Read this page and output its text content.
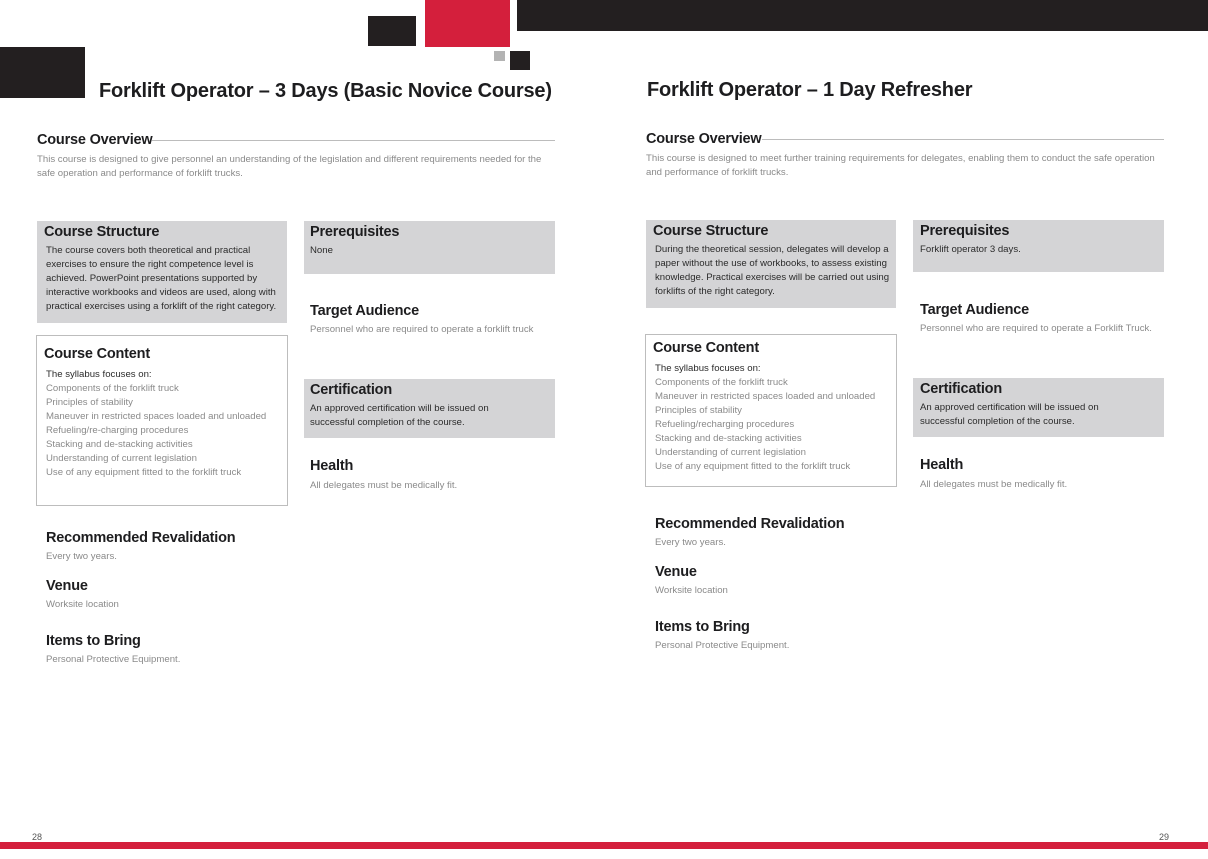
Forklift Operator – 3 Days (Basic Novice Course)
Course Overview
This course is designed to give personnel an understanding of the legislation and different requirements needed for the safe operation and performance of forklift trucks.
Course Structure
The course covers both theoretical and practical exercises to ensure the right competence level is achieved. PowerPoint presentations supported by interactive workbooks and videos are used, along with practical exercises using a forklift of the right category.
Course Content
The syllabus focuses on:
Components of the forklift truck
Principles of stability
Maneuver in restricted spaces loaded and unloaded
Refueling/re-charging procedures
Stacking and de-stacking activities
Understanding of current legislation
Use of any equipment fitted to the forklift truck
Prerequisites
None
Target Audience
Personnel who are required to operate a forklift truck
Certification
An approved certification will be issued on successful completion of the course.
Health
All delegates must be medically fit.
Recommended Revalidation
Every two years.
Venue
Worksite location
Items to Bring
Personal Protective Equipment.
28
Forklift Operator – 1 Day Refresher
Course Overview
This course is designed to meet further training requirements for delegates, enabling them to conduct the safe operation and performance of forklift trucks.
Course Structure
During the theoretical session, delegates will develop a paper without the use of workbooks, to assess existing knowledge. Practical exercises will be carried out using forklifts of the right category.
Course Content
The syllabus focuses on:
Components of the forklift truck
Maneuver in restricted spaces loaded and unloaded
Principles of stability
Refueling/recharging procedures
Stacking and de-stacking activities
Understanding of current legislation
Use of any equipment fitted to the forklift truck
Prerequisites
Forklift operator 3 days.
Target Audience
Personnel who are required to operate a Forklift Truck.
Certification
An approved certification will be issued on successful completion of the course.
Health
All delegates must be medically fit.
Recommended Revalidation
Every two years.
Venue
Worksite location
Items to Bring
Personal Protective Equipment.
29
